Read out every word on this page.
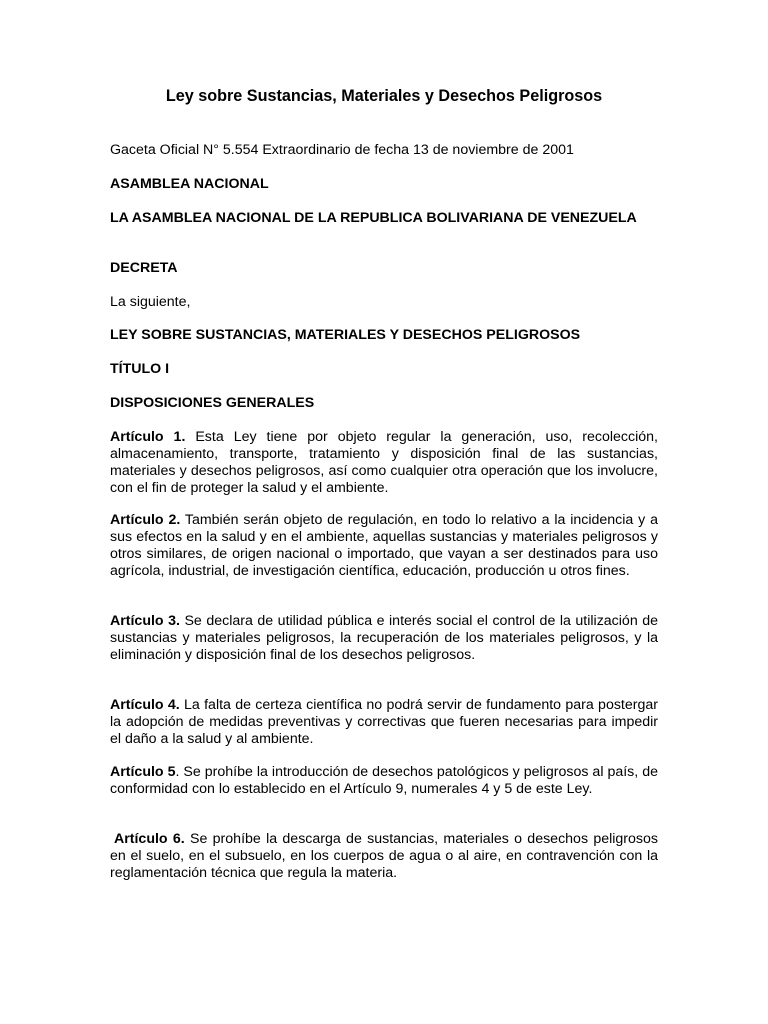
Ley sobre Sustancias, Materiales y Desechos Peligrosos
Gaceta Oficial N° 5.554 Extraordinario de fecha 13 de noviembre de 2001
ASAMBLEA NACIONAL
LA ASAMBLEA NACIONAL DE LA REPUBLICA BOLIVARIANA DE VENEZUELA
DECRETA
La siguiente,
LEY SOBRE SUSTANCIAS, MATERIALES Y DESECHOS PELIGROSOS
TÍTULO I
DISPOSICIONES GENERALES
Artículo 1. Esta Ley tiene por objeto regular la generación, uso, recolección, almacenamiento, transporte, tratamiento y disposición final de las sustancias, materiales y desechos peligrosos, así como cualquier otra operación que los involucre, con el fin de proteger la salud y el ambiente.
Artículo 2. También serán objeto de regulación, en todo lo relativo a la incidencia y a sus efectos en la salud y en el ambiente, aquellas sustancias y materiales peligrosos y otros similares, de origen nacional o importado, que vayan a ser destinados para uso agrícola, industrial, de investigación científica, educación, producción u otros fines.
Artículo 3. Se declara de utilidad pública e interés social el control de la utilización de sustancias y materiales peligrosos, la recuperación de los materiales peligrosos, y la eliminación y disposición final de los desechos peligrosos.
Artículo 4. La falta de certeza científica no podrá servir de fundamento para postergar la adopción de medidas preventivas y correctivas que fueren necesarias para impedir el daño a la salud y al ambiente.
Artículo 5. Se prohíbe la introducción de desechos patológicos y peligrosos al país, de conformidad con lo establecido en el Artículo 9, numerales 4 y 5 de este Ley.
Artículo 6. Se prohíbe la descarga de sustancias, materiales o desechos peligrosos en el suelo, en el subsuelo, en los cuerpos de agua o al aire, en contravención con la reglamentación técnica que regula la materia.
